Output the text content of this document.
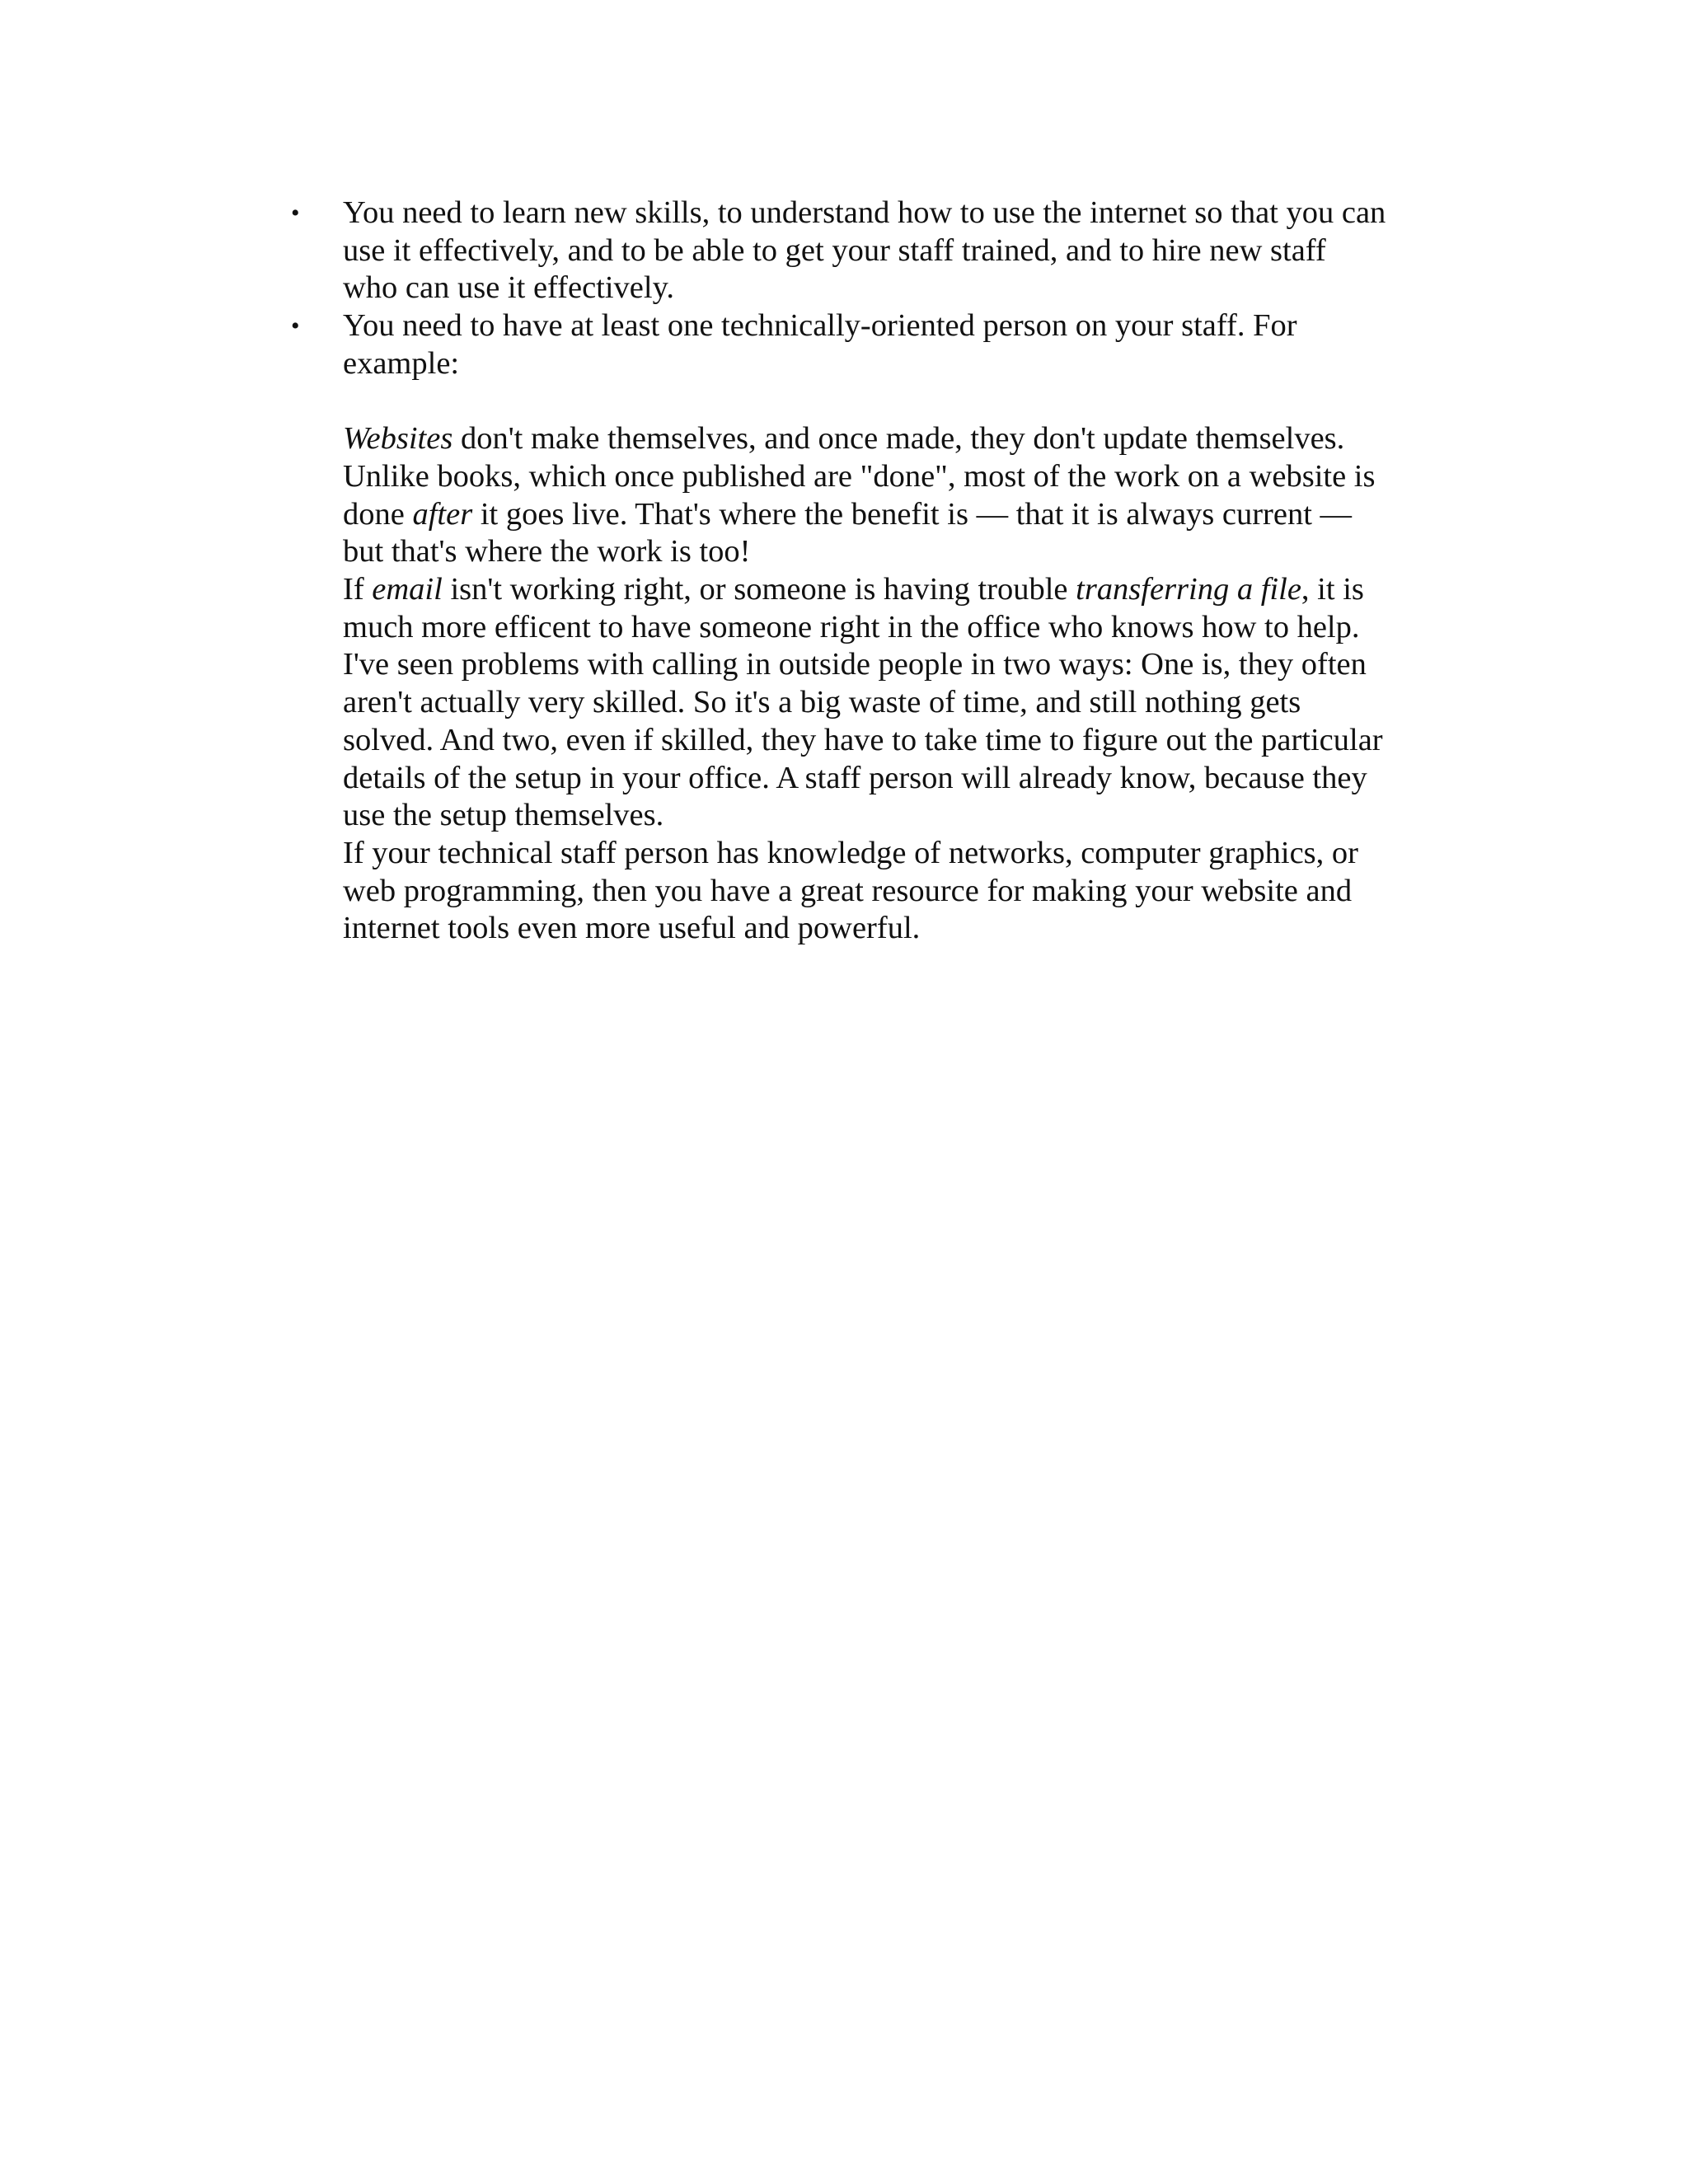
• You need to learn new skills, to understand how to use the internet so that you can
use it effectively, and to be able to get your staff trained, and to hire new staff
who can use it effectively.
• You need to have at least one technically-oriented person on your staff. For
example:
Websites don't make themselves, and once made, they don't update themselves.
Unlike books, which once published are "done", most of the work on a website is
done after it goes live. That's where the benefit is — that it is always current —
but that's where the work is too!
If email isn't working right, or someone is having trouble transferring a file, it is
much more efficent to have someone right in the office who knows how to help.
I've seen problems with calling in outside people in two ways: One is, they often
aren't actually very skilled. So it's a big waste of time, and still nothing gets
solved. And two, even if skilled, they have to take time to figure out the particular
details of the setup in your office. A staff person will already know, because they
use the setup themselves.
If your technical staff person has knowledge of networks, computer graphics, or
web programming, then you have a great resource for making your website and
internet tools even more useful and powerful.
